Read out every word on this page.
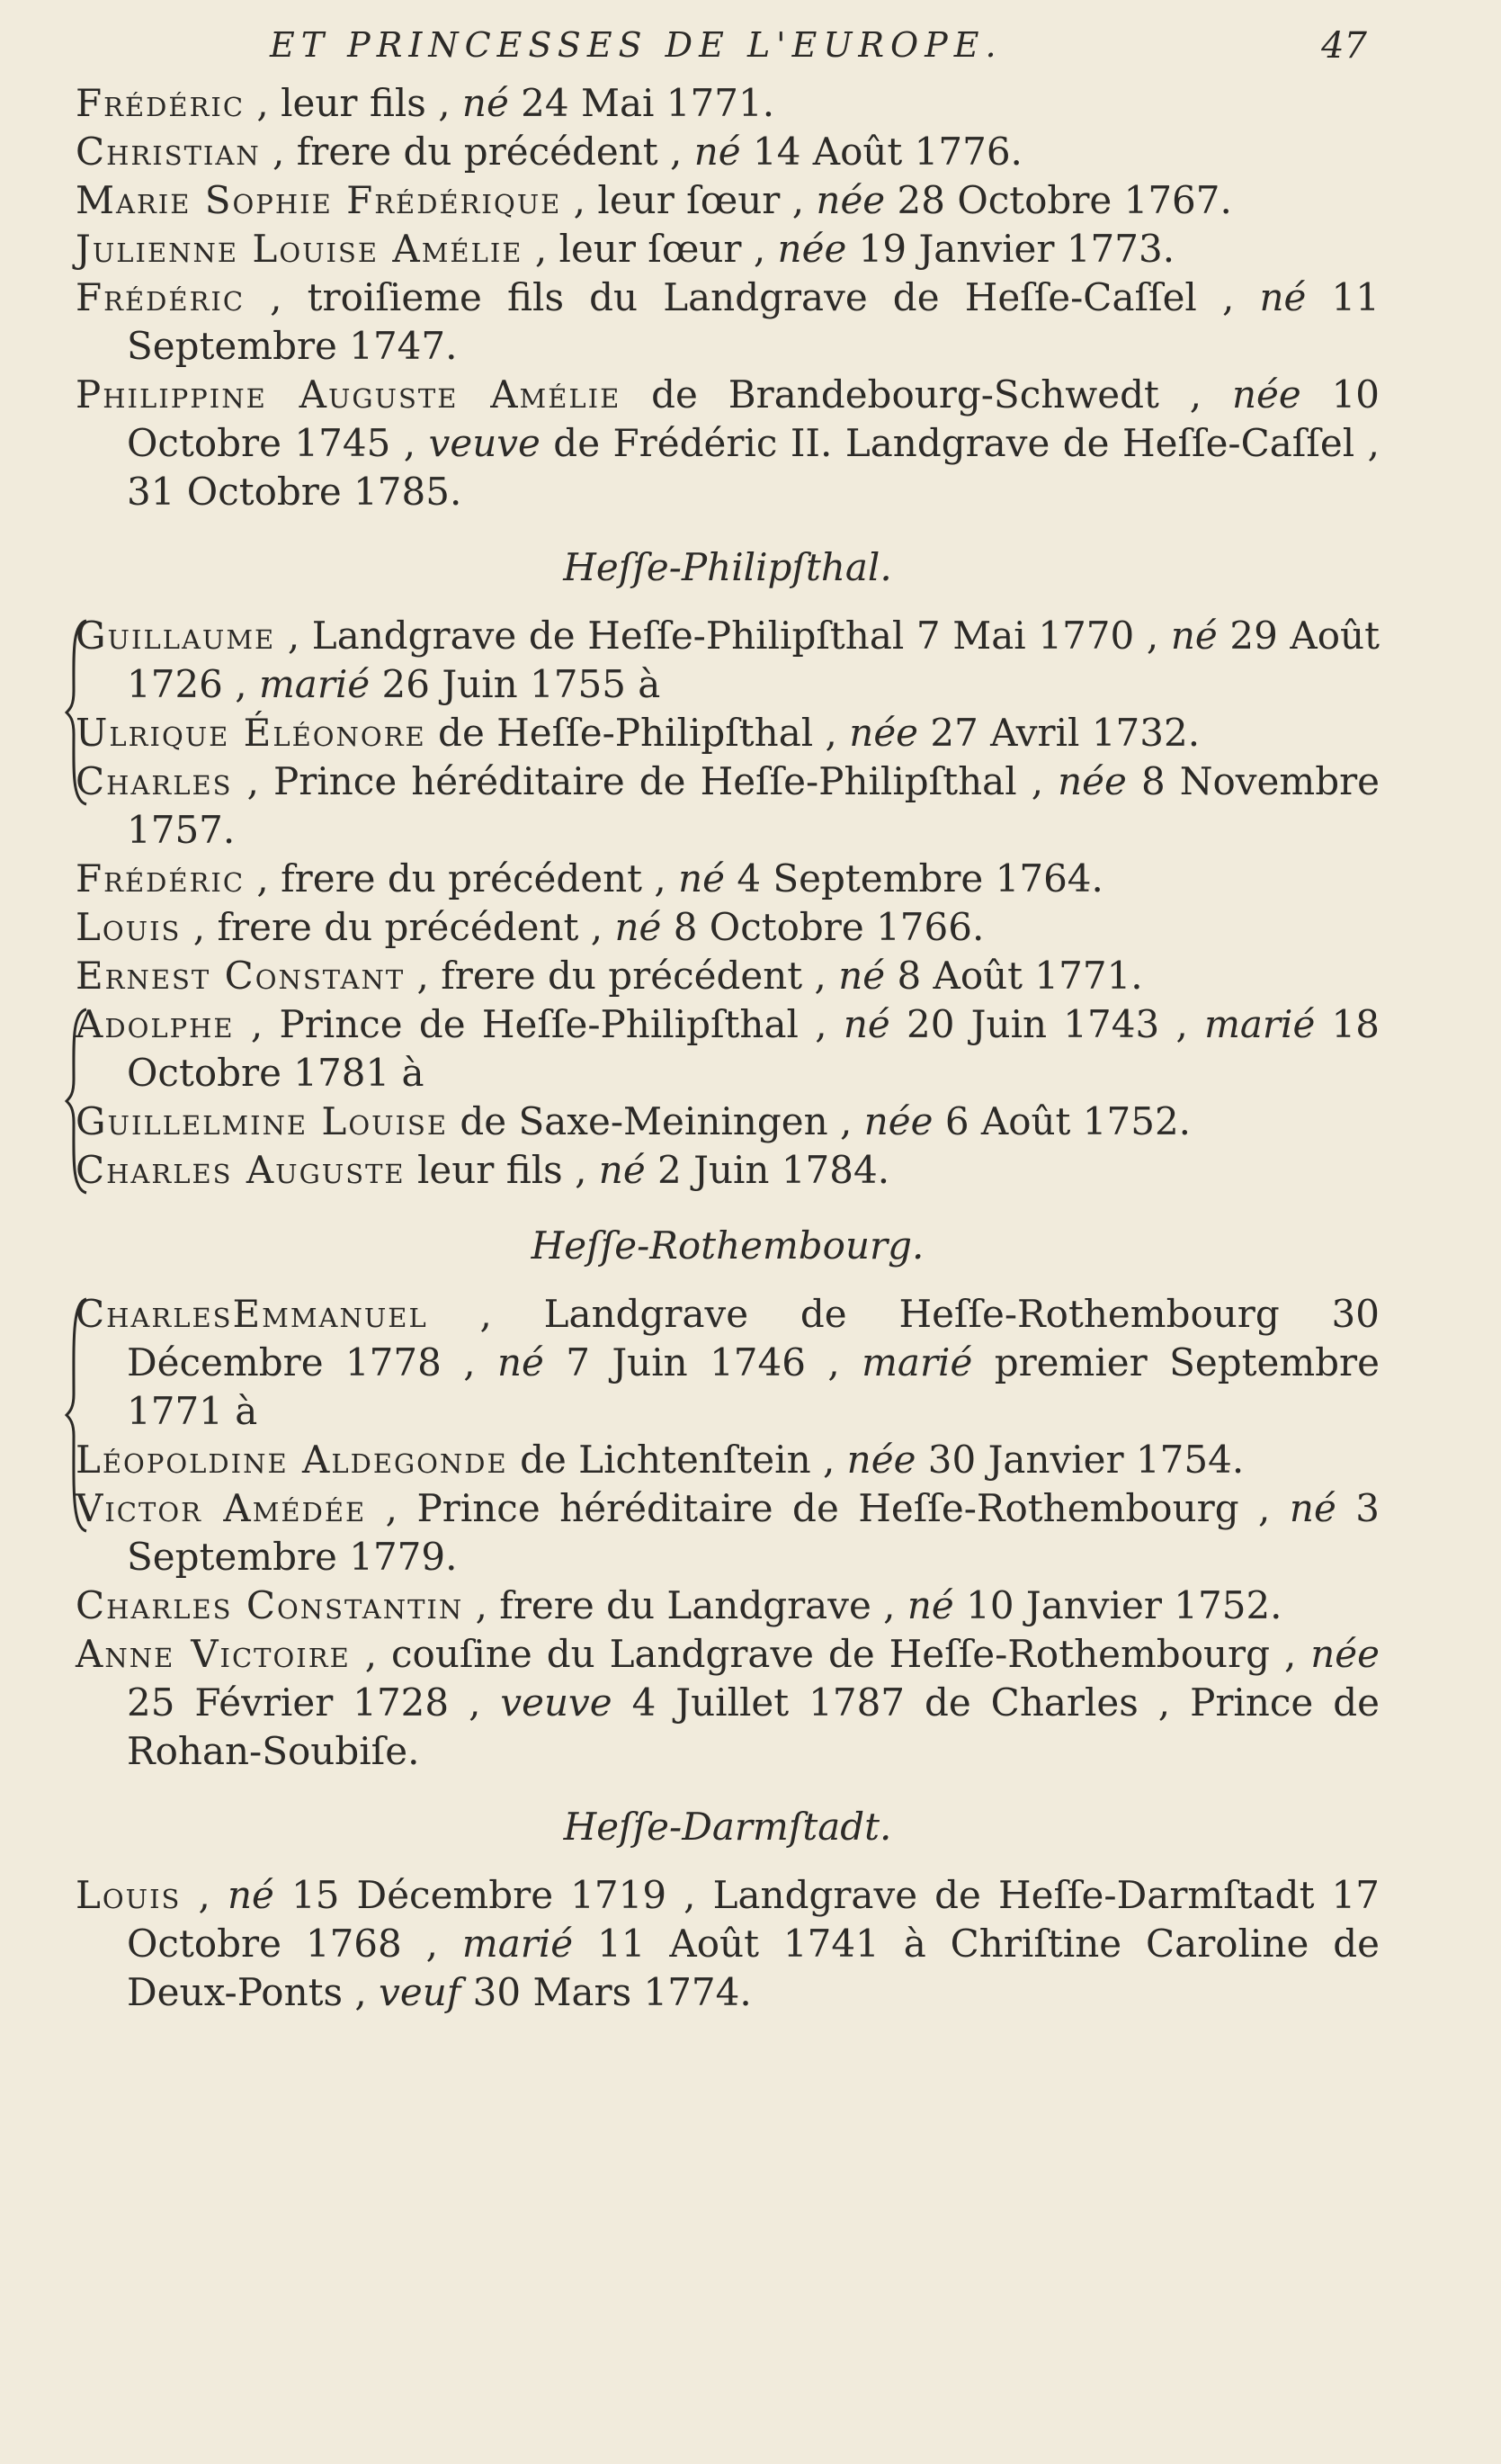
ET PRINCESSES DE L'EUROPE.	47

Frédéric , leur fils , né 24 Mai 1771.

Christian , frere du précédent , né 14 Août 1776.

Marie Sophie Frédérique , leur ſœur , née 28 Octobre 1767.

Julienne Louise Amélie , leur ſœur , née 19 Janvier 1773.

Frédéric , troiſieme fils du Landgrave de Heſſe-Caſſel , né 11 Septembre 1747.

Philippine Auguste Amélie de Brandebourg-Schwedt , née 10 Octobre 1745 , veuve de Frédéric II. Landgrave de Heſſe-Caſſel , 31 Octobre 1785.

Heſſe-Philipſthal.

Guillaume , Landgrave de Heſſe-Philipſthal 7 Mai 1770 , né 29 Août 1726 , marié 26 Juin 1755 à

Ulrique Éléonore de Heſſe-Philipſthal , née 27 Avril 1732.

Charles , Prince héréditaire de Heſſe-Philipſthal , née 8 Novembre 1757.

Frédéric , frere du précédent , né 4 Septembre 1764.

Louis , frere du précédent , né 8 Octobre 1766.

Ernest Constant , frere du précédent , né 8 Août 1771.

Adolphe , Prince de Heſſe-Philipſthal , né 20 Juin 1743 , marié 18 Octobre 1781 à

Guillelmine Louise de Saxe-Meiningen , née 6 Août 1752.

Charles Auguste leur fils , né 2 Juin 1784.

Heſſe-Rothembourg.

CharlesEmmanuel , Landgrave de Heſſe-Rothembourg 30 Décembre 1778 , né 7 Juin 1746 , marié premier Septembre 1771 à

Léopoldine Aldegonde de Lichtenſtein , née 30 Janvier 1754.

Victor Amédée , Prince héréditaire de Heſſe-Rothembourg , né 3 Septembre 1779.

Charles Constantin , frere du Landgrave , né 10 Janvier 1752.

Anne Victoire , couſine du Landgrave de Heſſe-Rothembourg , née 25 Février 1728 , veuve 4 Juillet 1787 de Charles , Prince de Rohan-Soubiſe.

Heſſe-Darmſtadt.

Louis , né 15 Décembre 1719 , Landgrave de Heſſe-Darmſtadt 17 Octobre 1768 , marié 11 Août 1741 à Chriſtine Caroline de Deux-Ponts , veuf 30 Mars 1774.
